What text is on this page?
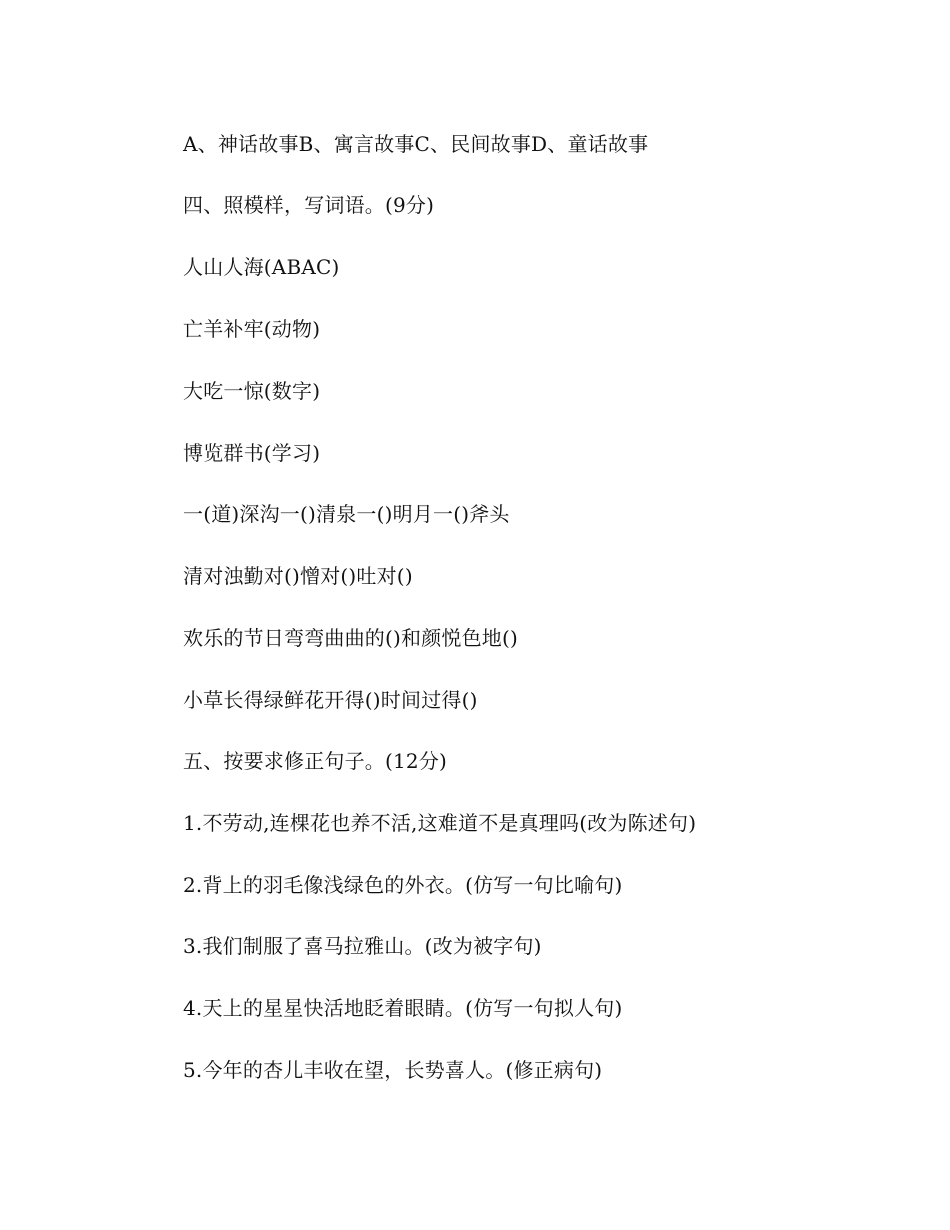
A、神话故事B、寓言故事C、民间故事D、童话故事
四、照模样，写词语。(9分)
人山人海(ABAC)
亡羊补牢(动物)
大吃一惊(数字)
博览群书(学习)
一(道)深沟一()清泉一()明月一()斧头
清对浊勤对()憎对()吐对()
欢乐的节日弯弯曲曲的()和颜悦色地()
小草长得绿鲜花开得()时间过得()
五、按要求修正句子。(12分)
1.不劳动,连棵花也养不活,这难道不是真理吗(改为陈述句)
2.背上的羽毛像浅绿色的外衣。(仿写一句比喻句)
3.我们制服了喜马拉雅山。(改为被字句)
4.天上的星星快活地眨着眼睛。(仿写一句拟人句)
5.今年的杏儿丰收在望，长势喜人。(修正病句)
